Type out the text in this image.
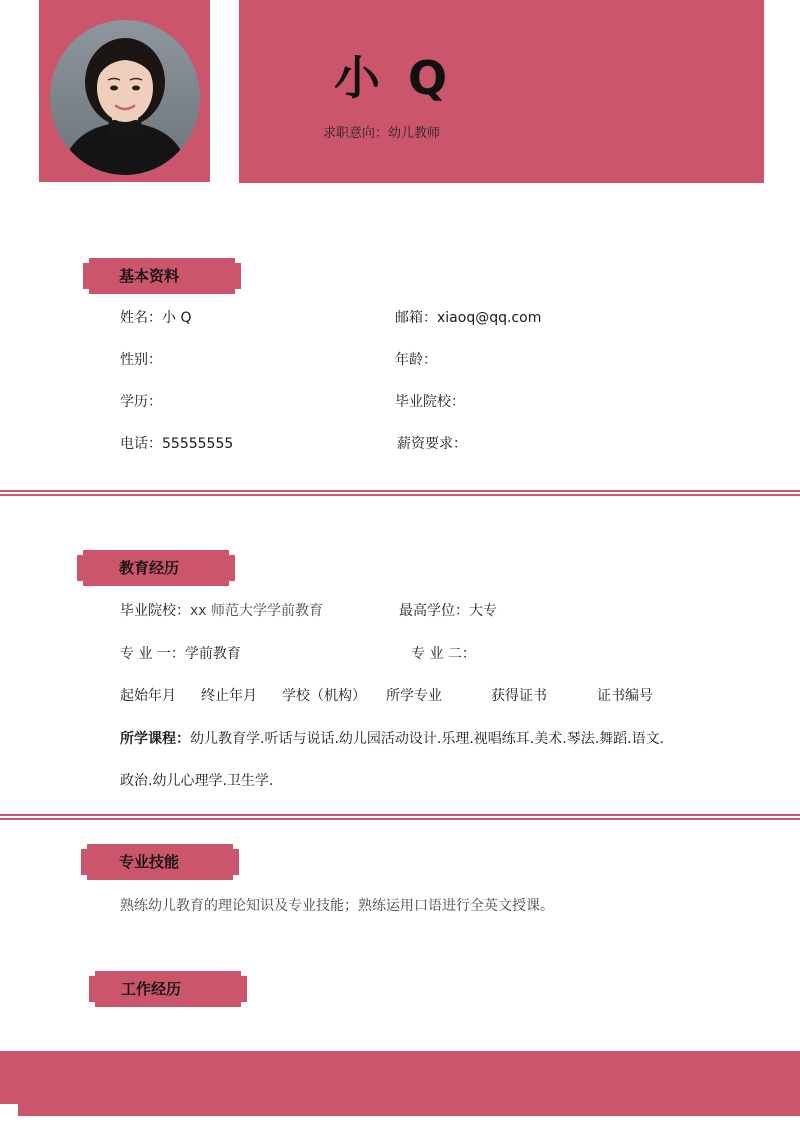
小 Q
求职意向：幼儿教师
基本资料
姓名：小 Q	邮箱：xiaoq@qq.com
性别：	年龄：
学历：	毕业院校：
电话：55555555	薪资要求：
教育经历
毕业院校：xx 师范大学学前教育	最高学位：大专
专 业 一：学前教育	专 业 二：
起始年月 终止年月 学校（机构） 所学专业	获得证书	证书编号
所学课程：幼儿教育学.听话与说话.幼儿园活动设计.乐理.视唱练耳.美术.琴法.舞蹈.语文.
政治.幼儿心理学.卫生学.
专业技能
熟练幼儿教育的理论知识及专业技能；熟练运用口语进行全英文授课。
工作经历
